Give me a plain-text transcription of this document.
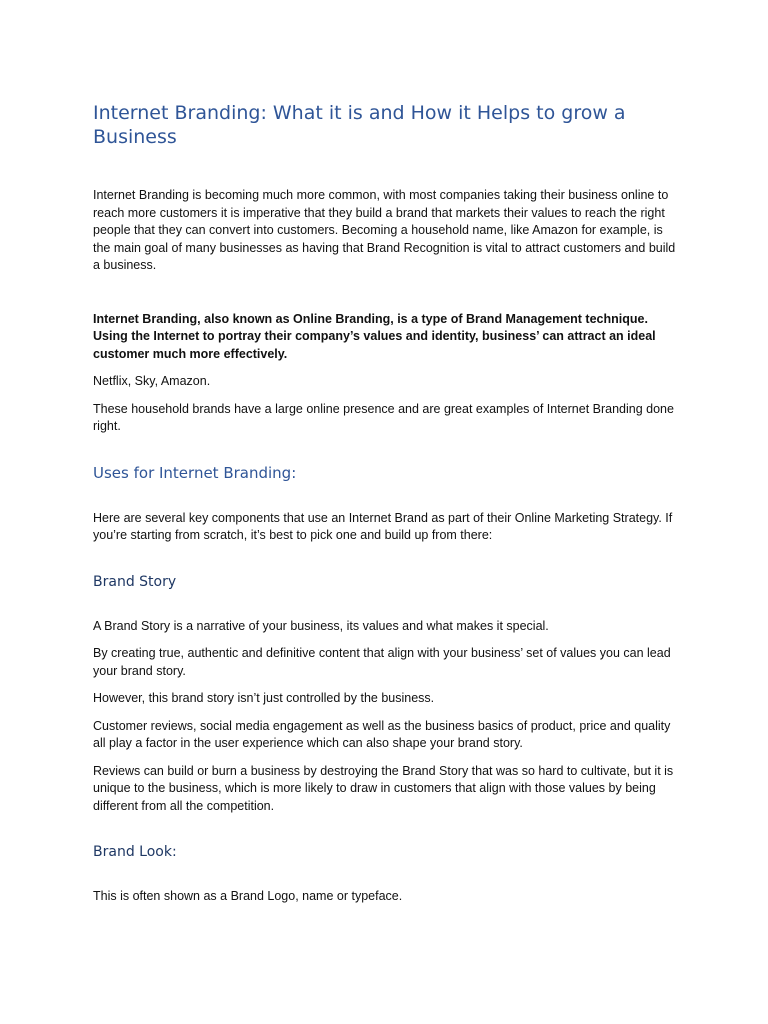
Internet Branding: What it is and How it Helps to grow a Business

Internet Branding is becoming much more common, with most companies taking their business online to reach more customers it is imperative that they build a brand that markets their values to reach the right people that they can convert into customers. Becoming a household name, like Amazon for example, is the main goal of many businesses as having that Brand Recognition is vital to attract customers and build a business.

Internet Branding, also known as Online Branding, is a type of Brand Management technique. Using the Internet to portray their company’s values and identity, business’ can attract an ideal customer much more effectively.

Netflix, Sky, Amazon.

These household brands have a large online presence and are great examples of Internet Branding done right.

Uses for Internet Branding:

Here are several key components that use an Internet Brand as part of their Online Marketing Strategy. If you’re starting from scratch, it’s best to pick one and build up from there:

Brand Story

A Brand Story is a narrative of your business, its values and what makes it special.

By creating true, authentic and definitive content that align with your business’ set of values you can lead your brand story.

However, this brand story isn’t just controlled by the business.

Customer reviews, social media engagement as well as the business basics of product, price and quality all play a factor in the user experience which can also shape your brand story.

Reviews can build or burn a business by destroying the Brand Story that was so hard to cultivate, but it is unique to the business, which is more likely to draw in customers that align with those values by being different from all the competition.

Brand Look:

This is often shown as a Brand Logo, name or typeface.
